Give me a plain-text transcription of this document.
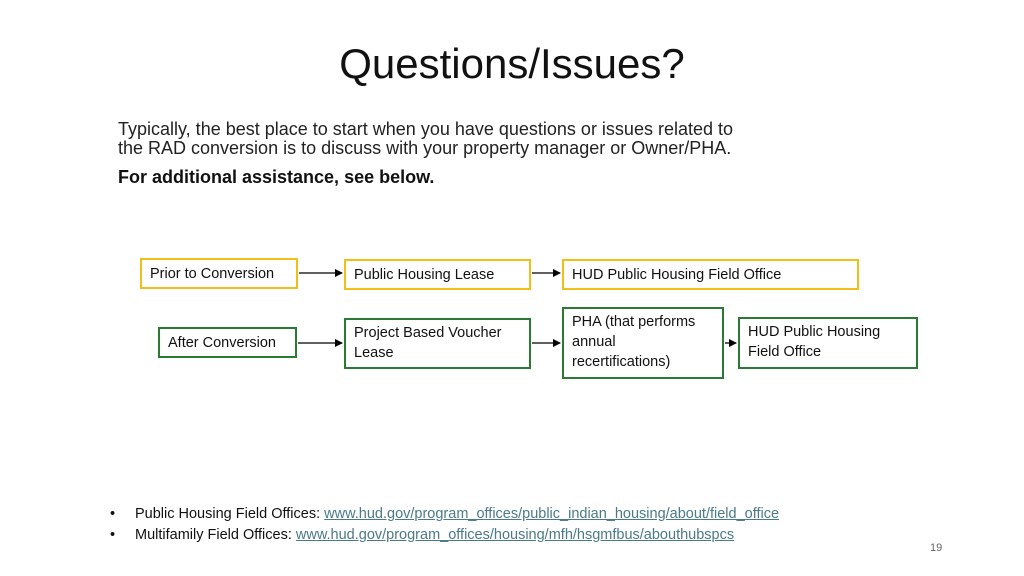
Questions/Issues?
Typically, the best place to start when you have questions or issues related to
the RAD conversion is to discuss with your property manager or Owner/PHA.
For additional assistance, see below.
Prior to Conversion	Public Housing Lease	HUD Public Housing Field Office
After Conversion
Project Based Voucher
Lease
PHA (that performs
annual
recertifications)
HUD Public Housing
Field Office
• Public Housing Field Offices: www.hud.gov/program_offices/public_indian_housing/about/field_office
• Multifamily Field Offices: www.hud.gov/program_offices/housing/mfh/hsgmfbus/abouthubspcs
19
